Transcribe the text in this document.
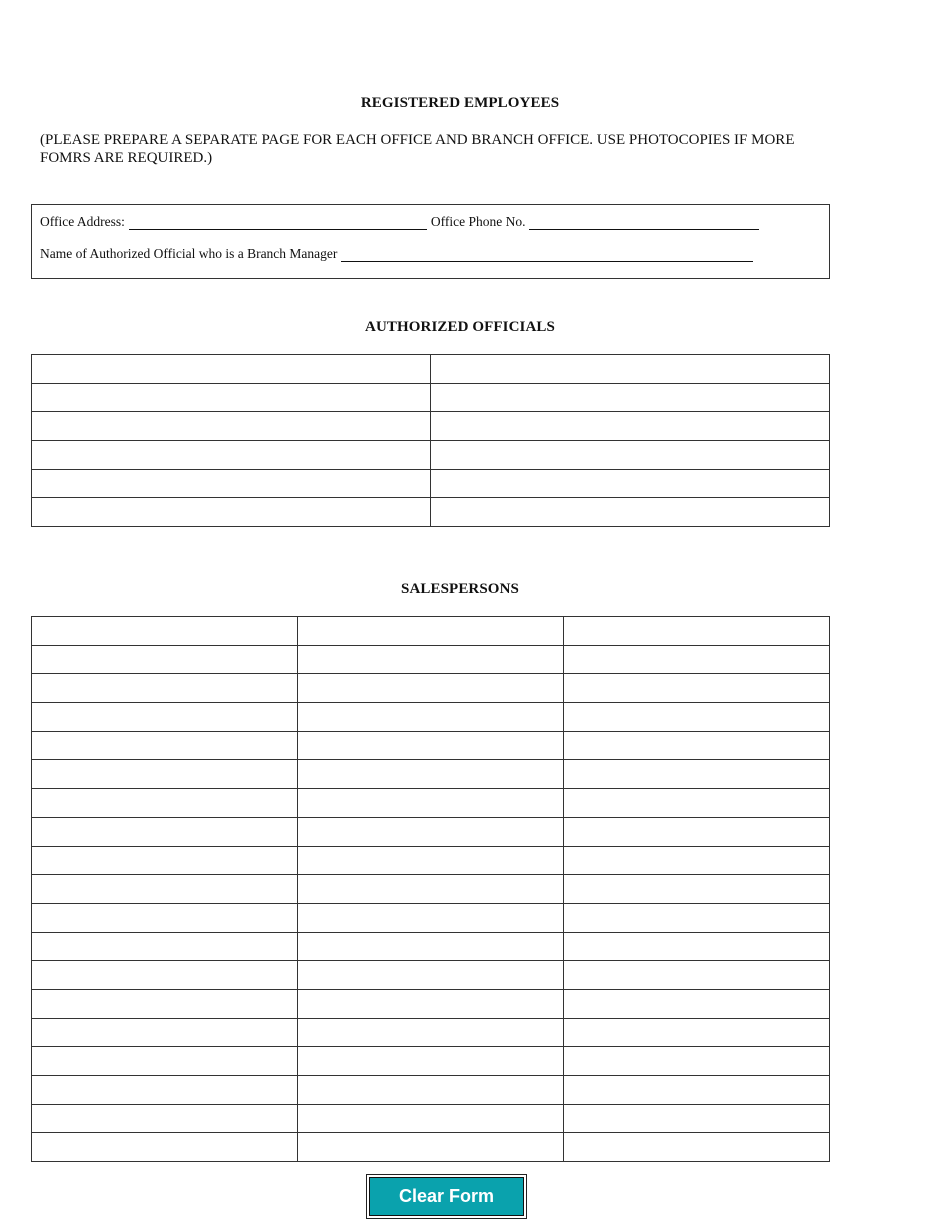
REGISTERED EMPLOYEES
(PLEASE PREPARE A SEPARATE PAGE FOR EACH OFFICE AND BRANCH OFFICE. USE PHOTOCOPIES IF MORE FOMRS ARE REQUIRED.)
Office Address:	Office Phone No.
Name of Authorized Official who is a Branch Manager
AUTHORIZED OFFICIALS

SALESPERSONS

Clear Form
